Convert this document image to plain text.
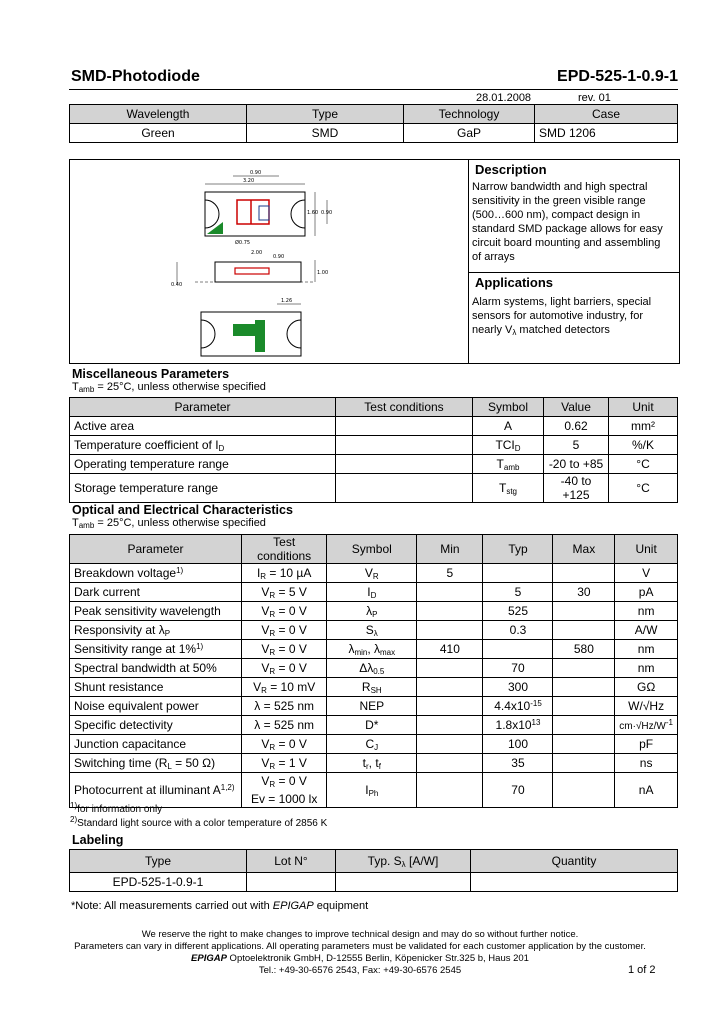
SMD-Photodiode	EPD-525-1-0.9-1
28.01.2008	rev. 01
Wavelength	Type	Technology	Case
Green	SMD	GaP	SMD 1206
3.20
0.90
1.60 0.90
Ø0.75
2.00
0.40
1.00
0.90
1.26
Description
Narrow bandwidth and high spectral
sensitivity in the green visible range
(500…600 nm), compact design in
standard SMD package allows for easy
circuit board mounting and assembling
of arrays
Applications
Alarm systems, light barriers, special
sensors for automotive industry, for
nearly $V_\lambda$ matched detectors
Miscellaneous Parameters
$T_{amb} = 25^\circ C$, unless otherwise specified
Parameter	Test conditions	Symbol	Value	Unit
Active area		A	0.62	mm²
Temperature coefficient of $I_D$		$TCI_D$	5	%/K
Operating temperature range		$T_{amb}$	-20 to +85	°C
Storage temperature range		$T_{stg}$	-40 to +125	°C
Optical and Electrical Characteristics
$T_{amb} = 25^\circ C$, unless otherwise specified
Parameter	Test conditions	Symbol	Min	Typ	Max	Unit
Breakdown voltage$^{1)}$	$I_R = 10$ µA	$V_R$	5			V
Dark current	$V_R = 5$ V	$I_D$		5	30	pA
Peak sensitivity wavelength	$V_R = 0$ V	$\lambda_P$		525		nm
Responsivity at $\lambda_P$	$V_R = 0$ V	$S_\lambda$		0.3		A/W
Sensitivity range at 1%$^{1)}$	$V_R = 0$ V	$\lambda_{min}$, $\lambda_{max}$	410		580	nm
Spectral bandwidth at 50%	$V_R = 0$ V	$\Delta\lambda_{0.5}$		70		nm
Shunt resistance	$V_R = 10$ mV	$R_{SH}$		300		GΩ
Noise equivalent power	λ = 525 nm	NEP		$4.4x10^{-15}$		W/√Hz
Specific detectivity	λ = 525 nm	D*		$1.8x10^{13}$		$cm\cdot√Hz/W^{-1}$
Junction capacitance	$V_R = 0$ V	$C_J$		100		pF
Switching time ($R_L = 50$ Ω)	$V_R = 1$ V	$t_r$, $t_f$		35		ns
Photocurrent at illuminant A$^{1,2)}$	$V_R = 0$ V
Ev = 1000 lx	$I_{Ph}$		70		nA
$^{1)}$for information only
$^{2)}$Standard light source with a color temperature of 2856 K
Labeling
Type	Lot N°	Typ. $S_\lambda$ [A/W]	Quantity
EPD-525-1-0.9-1			
*Note: All measurements carried out with EPIGAP equipment
We reserve the right to make changes to improve technical design and may do so without further notice.
Parameters can vary in different applications. All operating parameters must be validated for each customer application by the customer.
EPIGAP Optoelektronik GmbH, D-12555 Berlin, Köpenicker Str.325 b, Haus 201
Tel.: +49-30-6576 2543, Fax: +49-30-6576 2545	1 of 2
